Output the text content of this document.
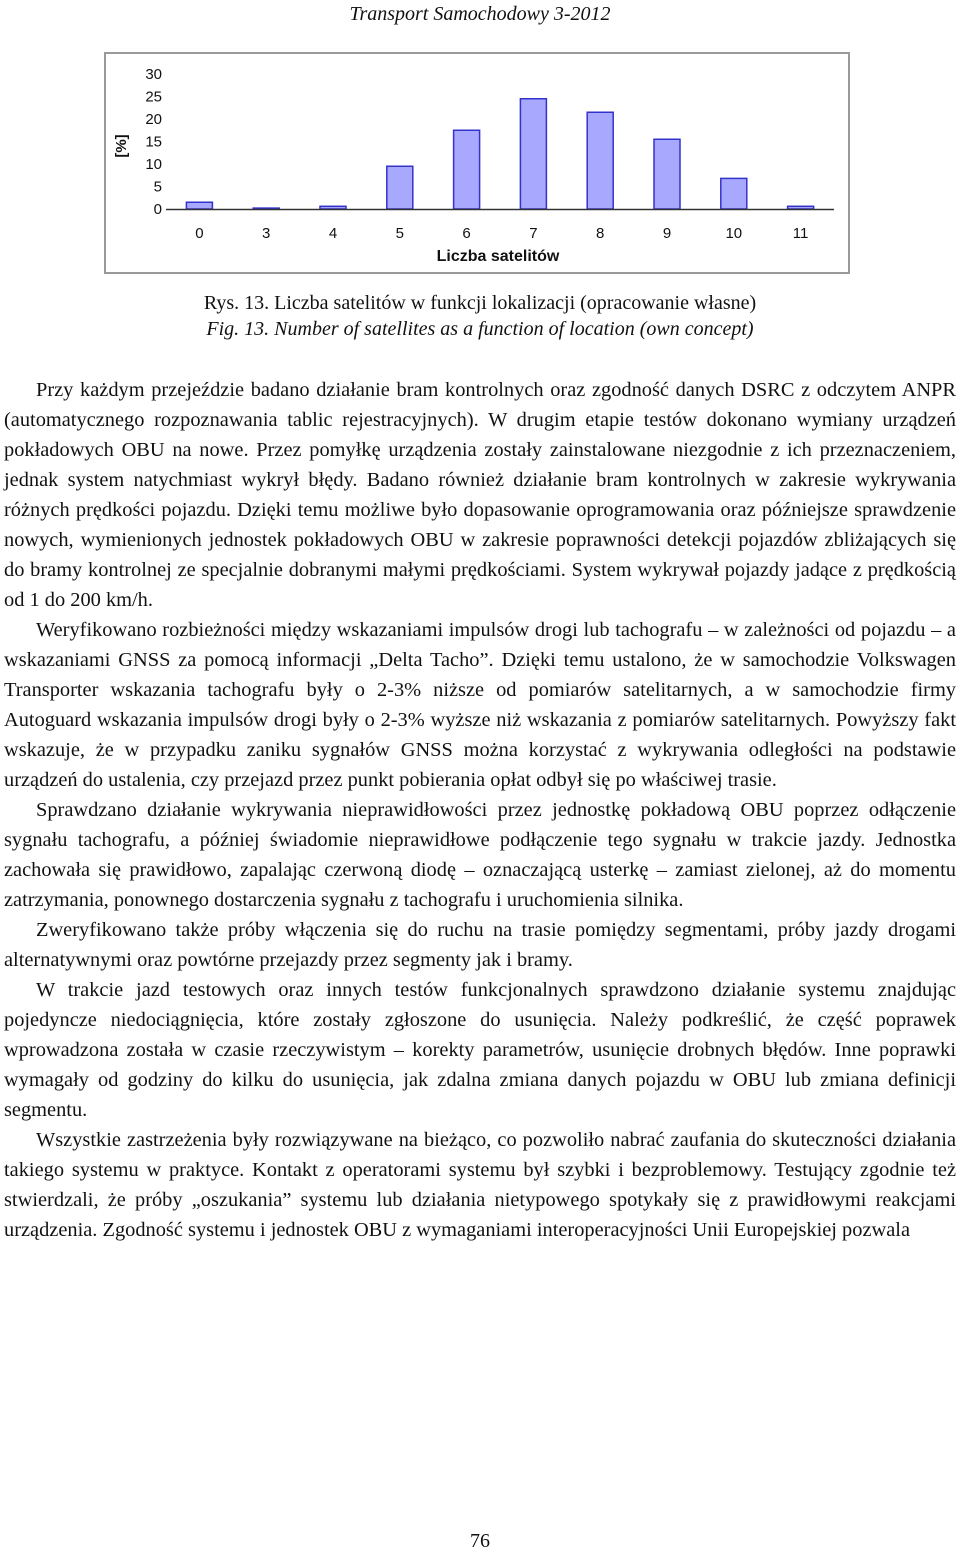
Transport Samochodowy 3-2012
[%]
0
5
10
15
20
25
30
0	3	4	5	6	7	8	9	10	11
Liczba satelitów

Rys. 13. Liczba satelitów w funkcji lokalizacji (opracowanie własne)

Fig. 13. Number of satellites as a function of location (own concept)

Przy każdym przejeździe badano działanie bram kontrolnych oraz zgodność danych DSRC z odczytem ANPR (automatycznego rozpoznawania tablic rejestracyjnych). W drugim etapie testów dokonano wymiany urządzeń pokładowych OBU na nowe. Przez pomyłkę urządzenia zostały zainstalowane niezgodnie z ich przeznaczeniem, jednak system natychmiast wykrył błędy. Badano również działanie bram kontrolnych w zakresie wykrywania różnych prędkości pojazdu. Dzięki temu możliwe było dopasowanie oprogramowania oraz późniejsze sprawdzenie nowych, wymienionych jednostek pokładowych OBU w zakresie poprawności detekcji pojazdów zbliżających się do bramy kontrolnej ze specjalnie dobranymi małymi prędkościami. System wykrywał pojazdy jadące z prędkością od 1 do 200 km/h.

Weryfikowano rozbieżności między wskazaniami impulsów drogi lub tachografu – w zależności od pojazdu – a wskazaniami GNSS za pomocą informacji „Delta Tacho”. Dzięki temu ustalono, że w samochodzie Volkswagen Transporter wskazania tachografu były o 2-3% niższe od pomiarów satelitarnych, a w samochodzie firmy Autoguard wskazania impulsów drogi były o 2-3% wyższe niż wskazania z pomiarów satelitarnych. Powyższy fakt wskazuje, że w przypadku zaniku sygnałów GNSS można korzystać z wykrywania odległości na podstawie urządzeń do ustalenia, czy przejazd przez punkt pobierania opłat odbył się po właściwej trasie.

Sprawdzano działanie wykrywania nieprawidłowości przez jednostkę pokładową OBU poprzez odłączenie sygnału tachografu, a później świadomie nieprawidłowe podłączenie tego sygnału w trakcie jazdy. Jednostka zachowała się prawidłowo, zapalając czerwoną diodę – oznaczającą usterkę – zamiast zielonej, aż do momentu zatrzymania, ponownego dostarczenia sygnału z tachografu i uruchomienia silnika.

Zweryfikowano także próby włączenia się do ruchu na trasie pomiędzy segmentami, próby jazdy drogami alternatywnymi oraz powtórne przejazdy przez segmenty jak i bramy.

W trakcie jazd testowych oraz innych testów funkcjonalnych sprawdzono działanie systemu znajdując pojedyncze niedociągnięcia, które zostały zgłoszone do usunięcia. Należy podkreślić, że część poprawek wprowadzona została w czasie rzeczywistym – korekty parametrów, usunięcie drobnych błędów. Inne poprawki wymagały od godziny do kilku do usunięcia, jak zdalna zmiana danych pojazdu w OBU lub zmiana definicji segmentu.

Wszystkie zastrzeżenia były rozwiązywane na bieżąco, co pozwoliło nabrać zaufania do skuteczności działania takiego systemu w praktyce. Kontakt z operatorami systemu był szybki i bezproblemowy. Testujący zgodnie też stwierdzali, że próby „oszukania” systemu lub działania nietypowego spotykały się z prawidłowymi reakcjami urządzenia. Zgodność systemu i jednostek OBU z wymaganiami interoperacyjności Unii Europejskiej pozwala

76
